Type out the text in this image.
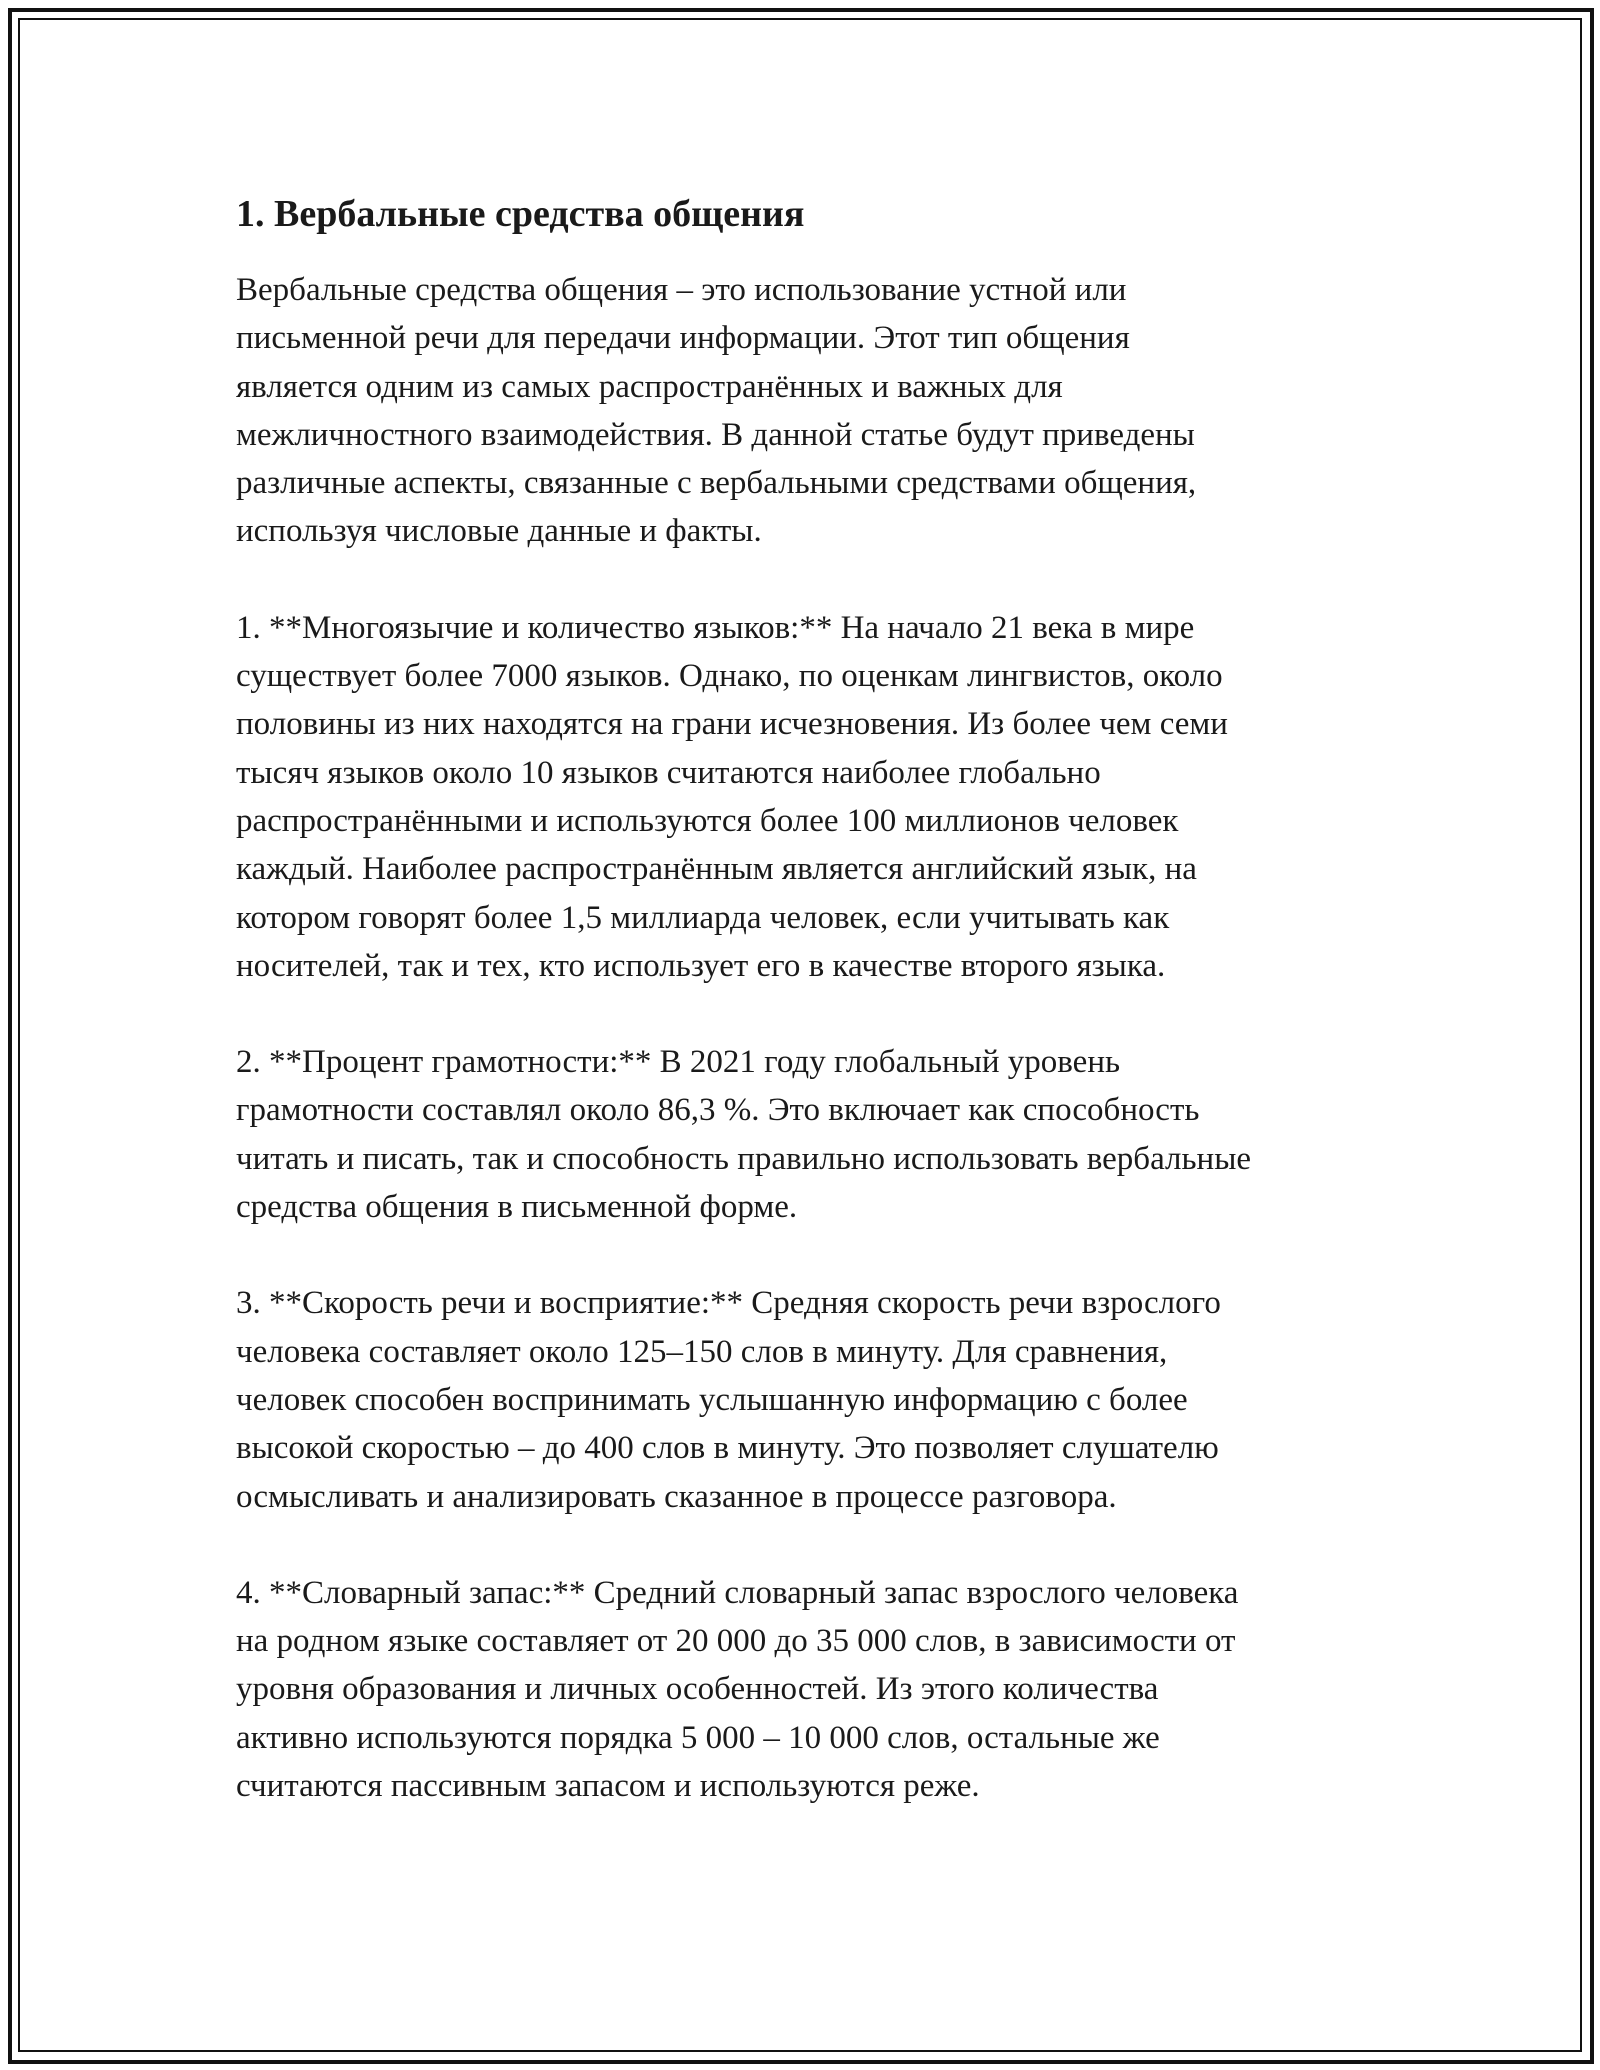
1. Вербальные средства общения

Вербальные средства общения – это использование устной или
письменной речи для передачи информации. Этот тип общения
является одним из самых распространённых и важных для
межличностного взаимодействия. В данной статье будут приведены
различные аспекты, связанные с вербальными средствами общения,
используя числовые данные и факты.

1. **Многоязычие и количество языков:** На начало 21 века в мире
существует более 7000 языков. Однако, по оценкам лингвистов, около
половины из них находятся на грани исчезновения. Из более чем семи
тысяч языков около 10 языков считаются наиболее глобально
распространёнными и используются более 100 миллионов человек
каждый. Наиболее распространённым является английский язык, на
котором говорят более 1,5 миллиарда человек, если учитывать как
носителей, так и тех, кто использует его в качестве второго языка.

2. **Процент грамотности:** В 2021 году глобальный уровень
грамотности составлял около 86,3 %. Это включает как способность
читать и писать, так и способность правильно использовать вербальные
средства общения в письменной форме.

3. **Скорость речи и восприятие:** Средняя скорость речи взрослого
человека составляет около 125–150 слов в минуту. Для сравнения,
человек способен воспринимать услышанную информацию с более
высокой скоростью – до 400 слов в минуту. Это позволяет слушателю
осмысливать и анализировать сказанное в процессе разговора.

4. **Словарный запас:** Средний словарный запас взрослого человека
на родном языке составляет от 20 000 до 35 000 слов, в зависимости от
уровня образования и личных особенностей. Из этого количества
активно используются порядка 5 000 – 10 000 слов, остальные же
считаются пассивным запасом и используются реже.
